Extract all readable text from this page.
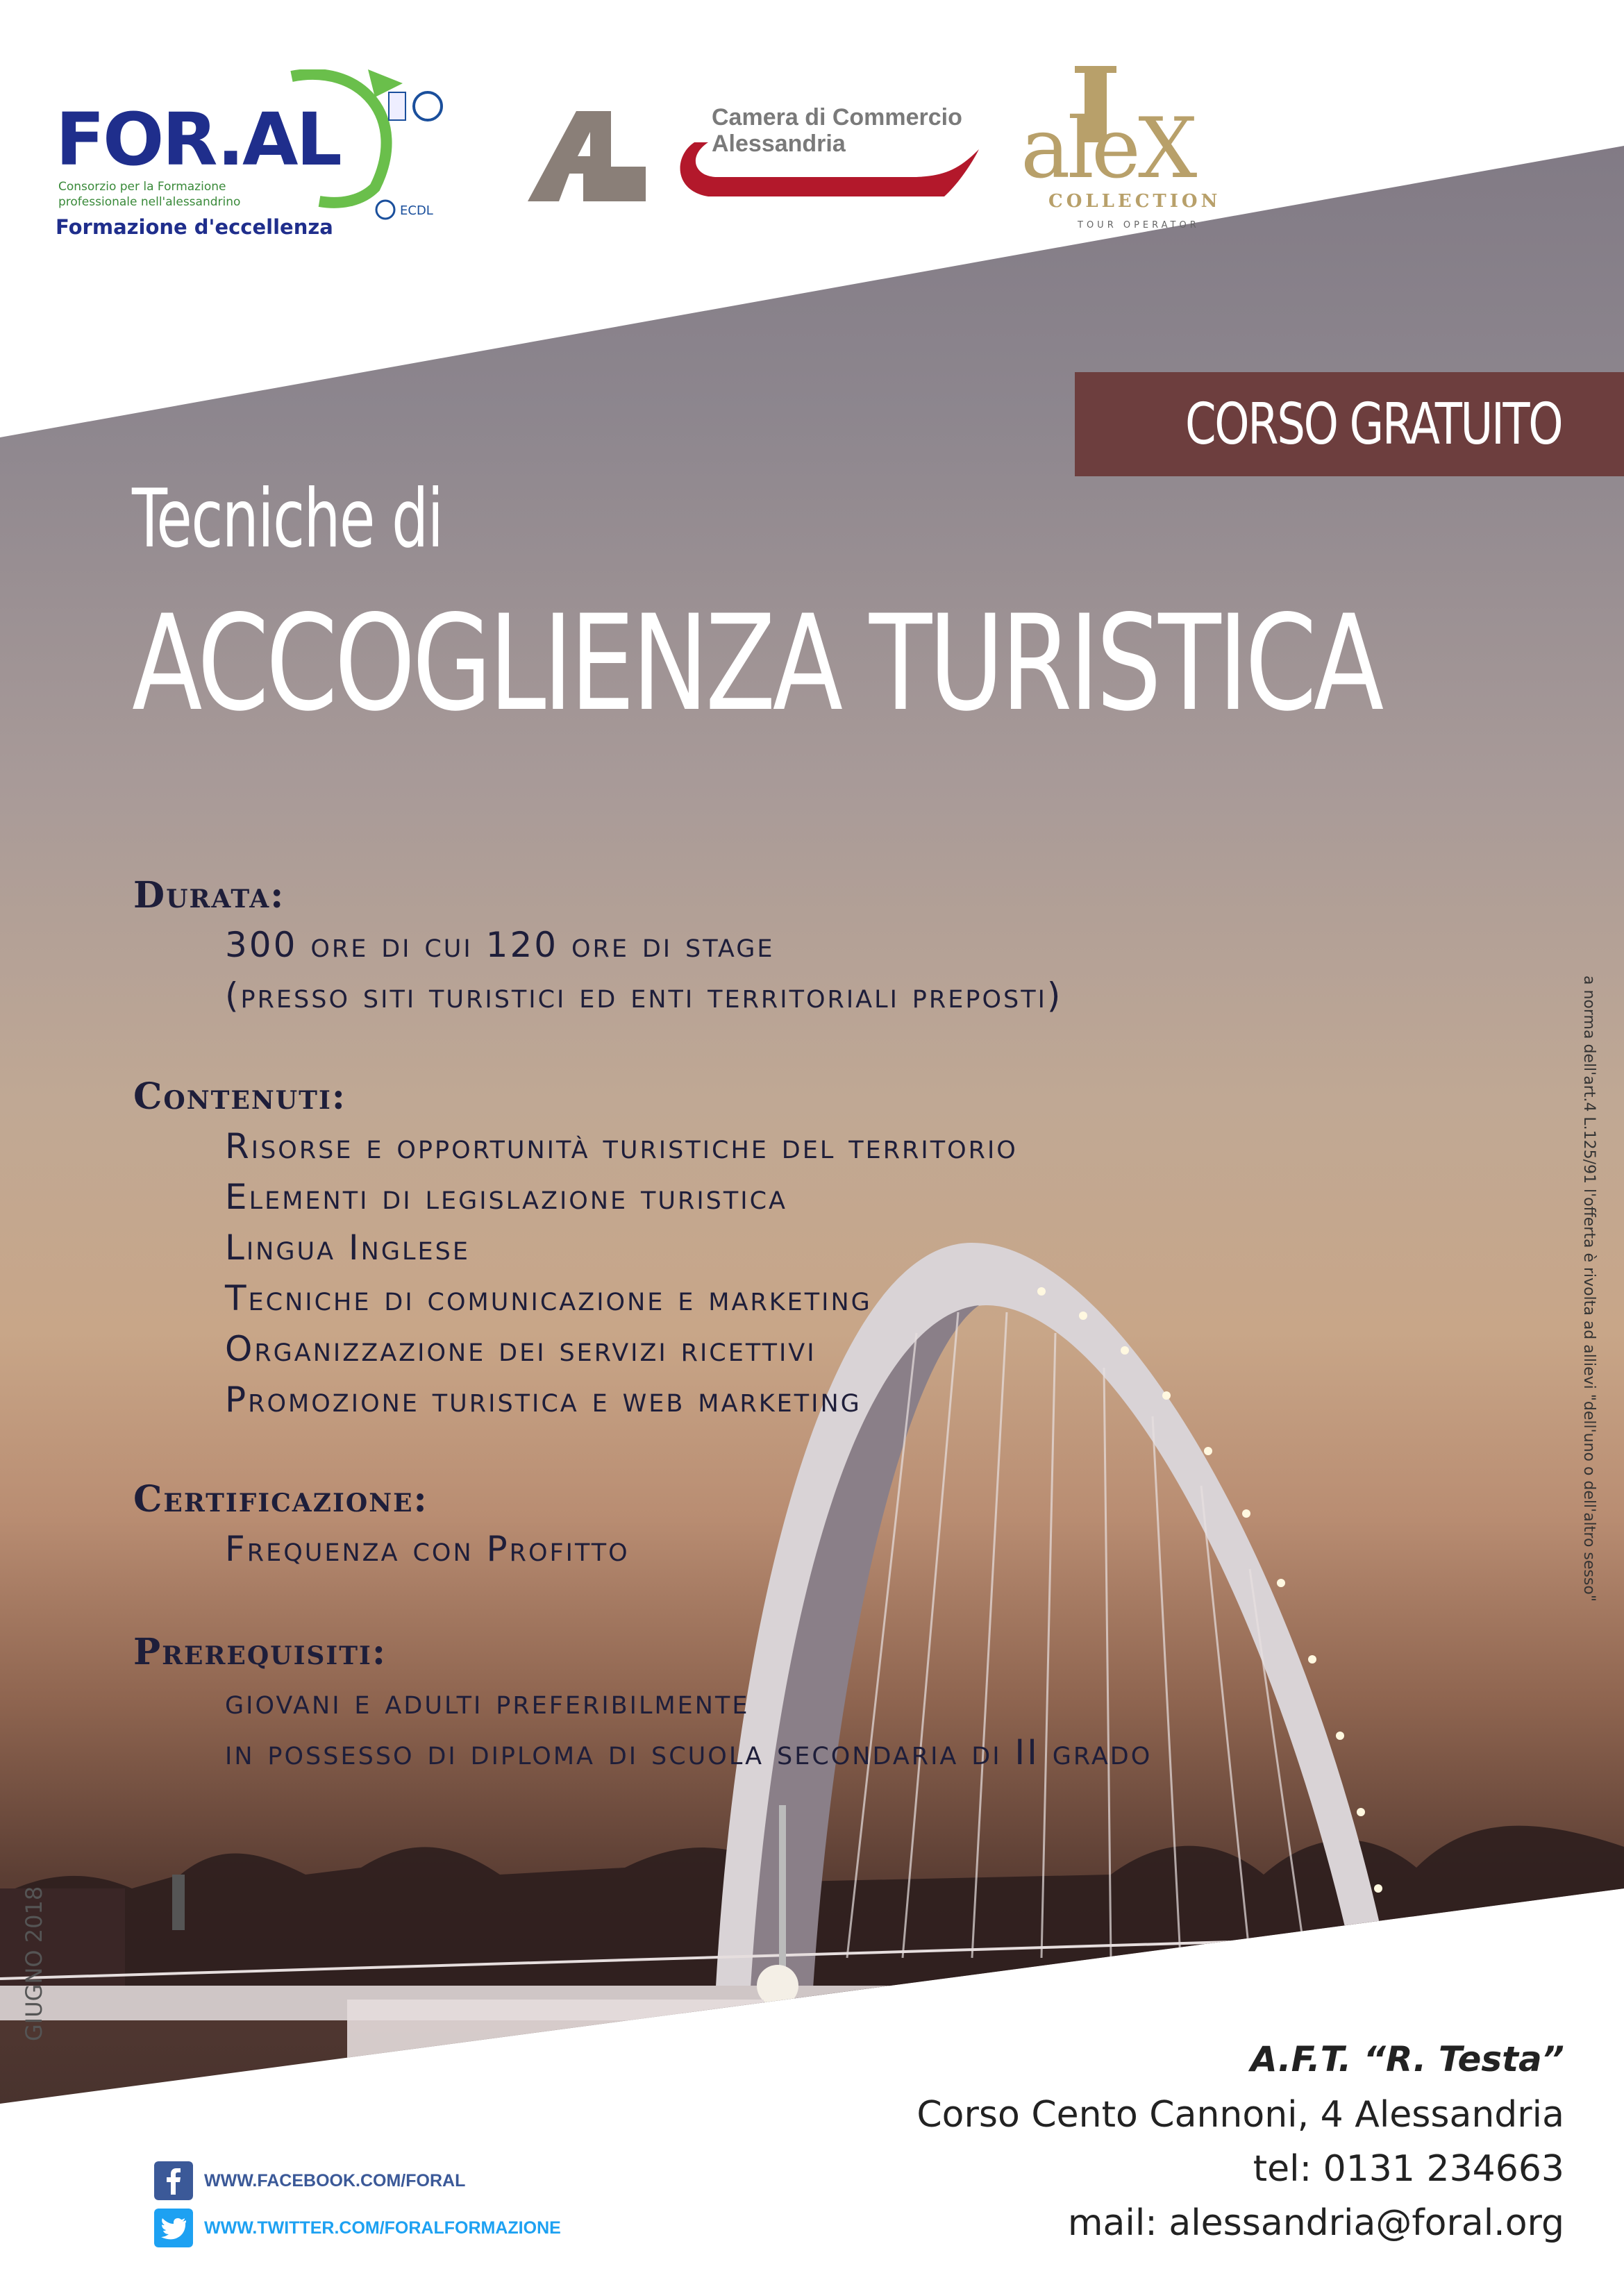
FOR.AL
Consorzio per la Formazione professionale nell'alessandrino
Formazione d'eccellenza
ECDL
Camera di Commercio
Alessandria	aleX
COLLECTION
TOUR OPERATOR
CORSO GRATUITO
Tecniche di
ACCOGLIENZA TURISTICA
Durata:
300 ore di cui 120 ore di stage
(presso siti turistici ed enti territoriali preposti)
Contenuti:
Risorse e opportunità turistiche del territorio
Elementi di legislazione turistica
Lingua Inglese
Tecniche di comunicazione e marketing
Organizzazione dei servizi ricettivi
Promozione turistica e web marketing
Certificazione:
Frequenza con Profitto
Prerequisiti:
giovani e adulti preferibilmente
in possesso di diploma di scuola secondaria di II grado
a norma dell'art.4 L.125/91 l'offerta è rivolta ad allievi "dell'uno o dell'altro sesso"
GIUGNO 2018
A.F.T. “R. Testa”
Corso Cento Cannoni, 4 Alessandria
tel: 0131 234663
mail: alessandria@foral.org
WWW.FACEBOOK.COM/FORAL
WWW.TWITTER.COM/FORALFORMAZIONE
